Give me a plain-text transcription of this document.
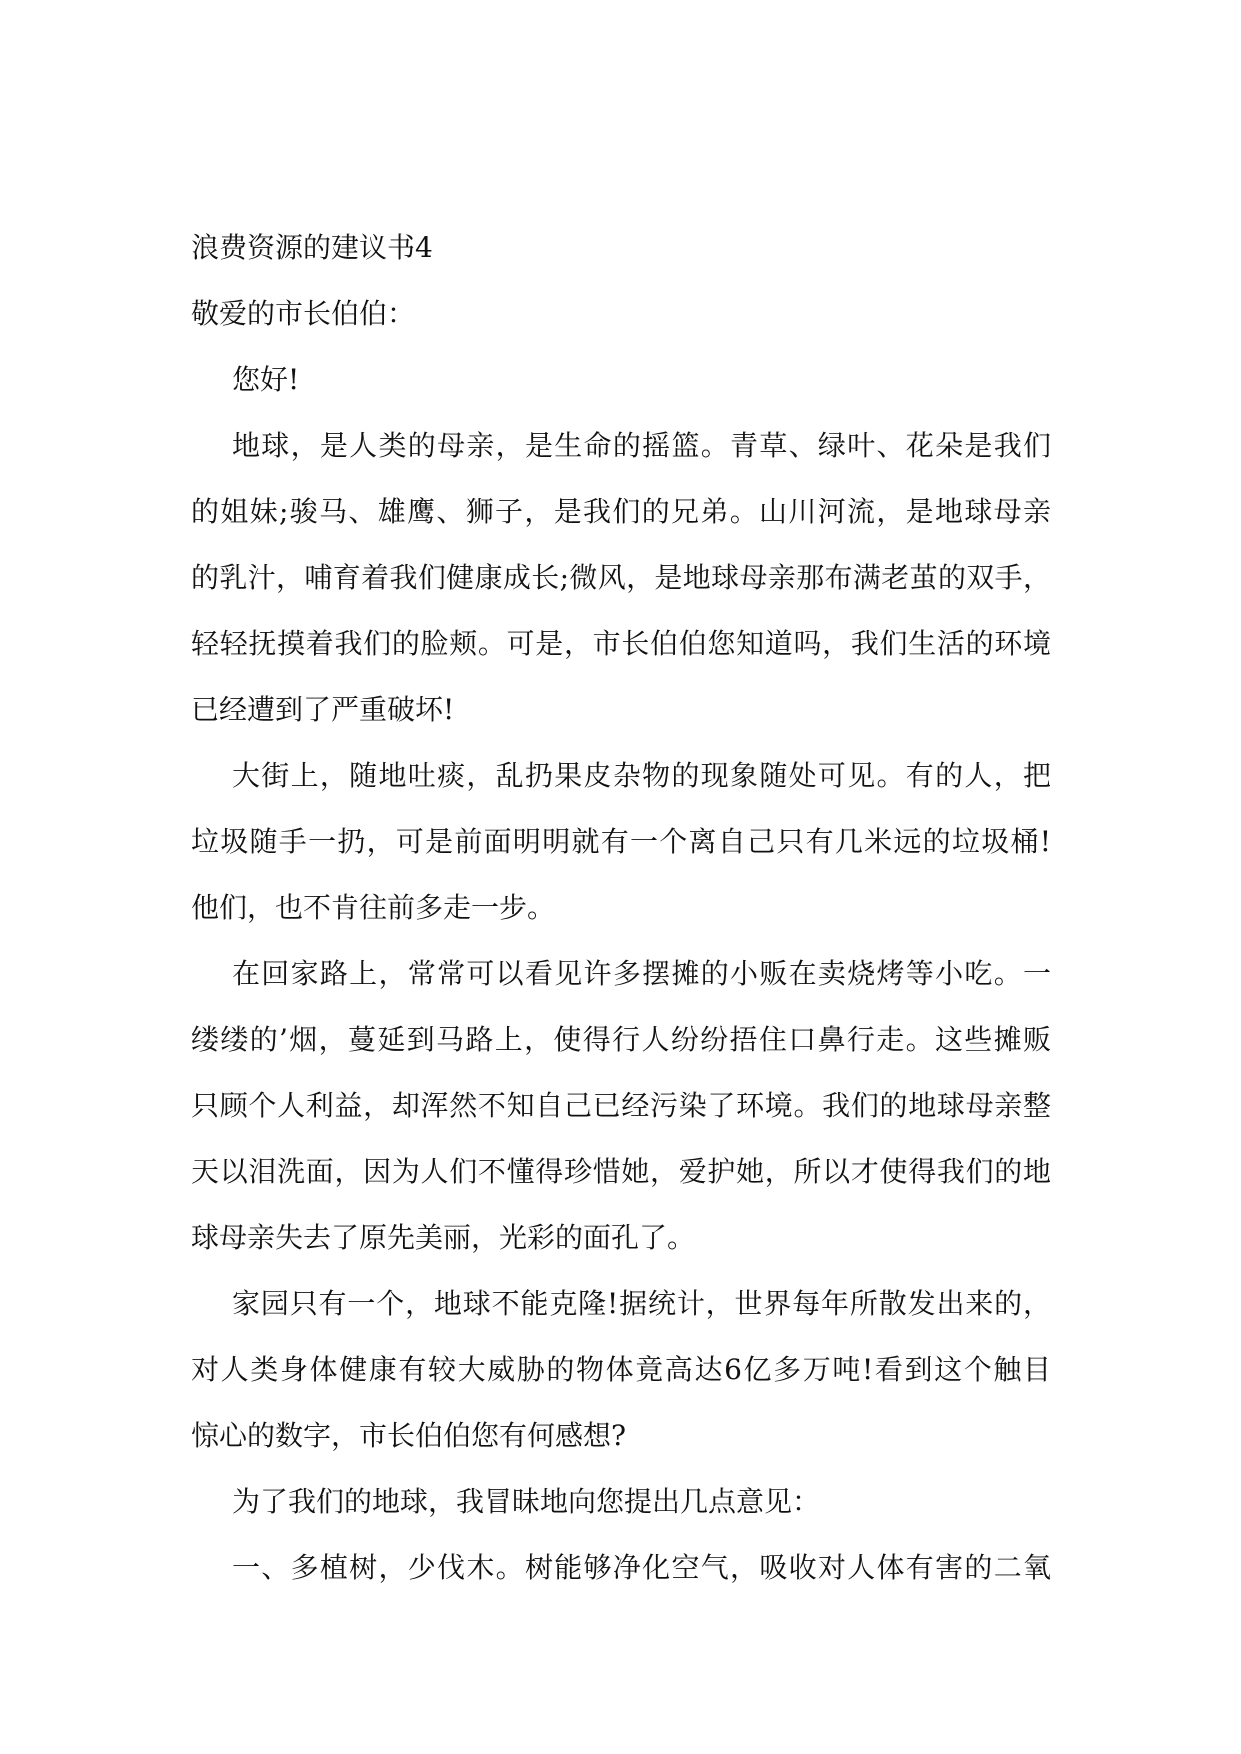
浪费资源的建议书4

敬爱的市长伯伯：

您好!

地球，是人类的母亲，是生命的摇篮。青草、绿叶、花朵是我们

的姐妹;骏马、雄鹰、狮子，是我们的兄弟。山川河流，是地球母亲

的乳汁，哺育着我们健康成长;微风，是地球母亲那布满老茧的双手，

轻轻抚摸着我们的脸颊。可是，市长伯伯您知道吗，我们生活的环境

已经遭到了严重破坏!

大街上，随地吐痰，乱扔果皮杂物的现象随处可见。有的人，把

垃圾随手一扔，可是前面明明就有一个离自己只有几米远的垃圾桶!

他们，也不肯往前多走一步。

在回家路上，常常可以看见许多摆摊的小贩在卖烧烤等小吃。一

缕缕的’烟，蔓延到马路上，使得行人纷纷捂住口鼻行走。这些摊贩

只顾个人利益，却浑然不知自己已经污染了环境。我们的地球母亲整

天以泪洗面，因为人们不懂得珍惜她，爱护她，所以才使得我们的地

球母亲失去了原先美丽，光彩的面孔了。

家园只有一个，地球不能克隆!据统计，世界每年所散发出来的，

对人类身体健康有较大威胁的物体竟高达6亿多万吨!看到这个触目

惊心的数字，市长伯伯您有何感想?

为了我们的地球，我冒昧地向您提出几点意见：

一、多植树，少伐木。树能够净化空气，吸收对人体有害的二氧
